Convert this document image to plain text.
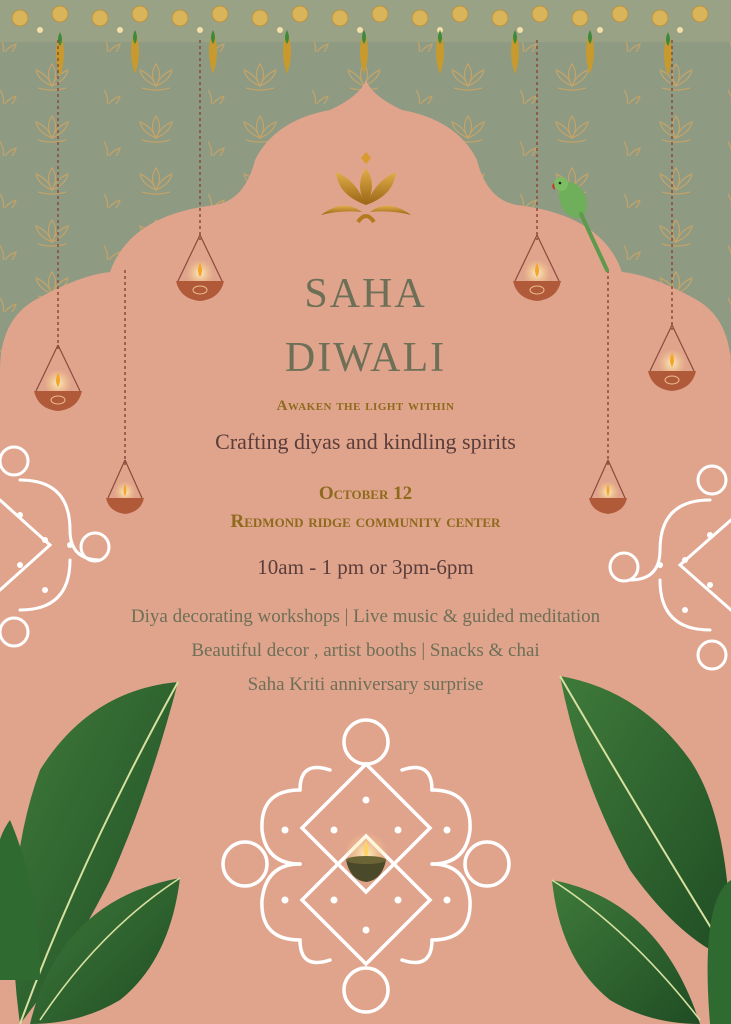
SAHA
DIWALI
Awaken the light within
Crafting diyas and kindling spirits
October 12
Redmond ridge community center
10am - 1 pm or 3pm-6pm
Diya decorating workshops | Live music & guided meditation
Beautiful decor , artist booths | Snacks & chai
Saha Kriti anniversary surprise
